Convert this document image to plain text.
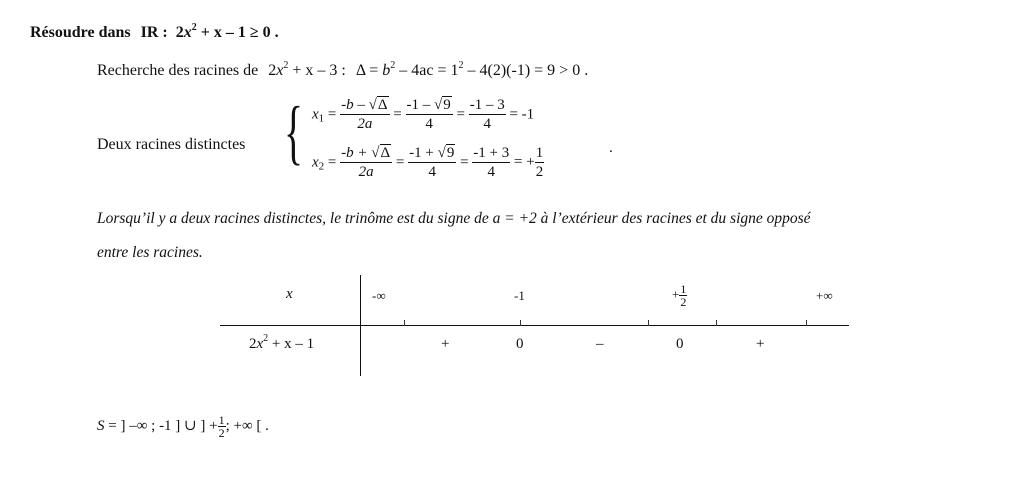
Résoudre dans IR : $2x^2 + x - 1 \ge 0$ .
Recherche des racines de $2x^2 + x - 3$ : $\Delta = b^2 - 4ac = 1^2 - 4(2)(-1) = 9 > 0$ .
Deux racines distinctes { $x_1 = \frac{-b - √\Delta}{2a} = \frac{-1 - √9}{4} = \frac{-1 - 3}{4} = -1$
$x_2 = \frac{-b + √\Delta}{2a} = \frac{-1 + √9}{4} = \frac{-1 + 3}{4}$ = + $\frac{1}{2}$	.
Lorsqu’il y a deux racines distinctes, le trinôme est du signe de a = +2 à l’extérieur des racines et du signe opposé
entre les racines.
x	-∞	-1	+ $\frac{1}{2}$	+∞
$2x^2 + x - 1$	+	0	–	0	+
S = ] –∞ ; -1 ] ∪ ] + $\frac{1}{2}$ ; +∞ [ .
